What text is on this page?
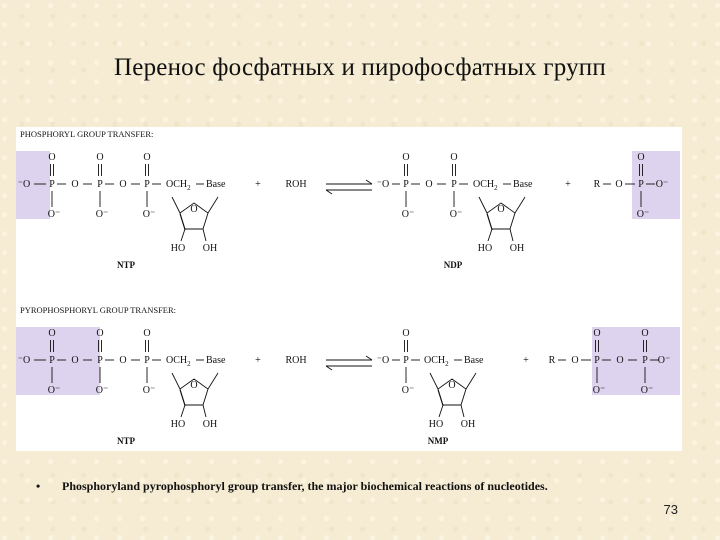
Перенос фосфатных и пирофосфатных групп
PHOSPHORYL GROUP TRANSFER:
⁻O P
O
O⁻
O P
O
O⁻
O P
O
O⁻
$OCH_2$ Base
O
HO OH
+ ROH
NTP
⁻O P
O
O⁻
O P
O
O⁻
$OCH_2$ Base
O
HO OH
NDP
+ R O P
O
O⁻
O⁻
PYROPHOSPHORYL GROUP TRANSFER:
⁻O P
O
O⁻
O P
O
O⁻
O P
O
O⁻
$OCH_2$ Base
O
HO OH
+ ROH
NTP
⁻O P
O
O⁻
$OCH_2$ Base
O
HO OH
NMP
+ R O P
O
O⁻
O P
O
O⁻
O⁻
• Phosphoryland pyrophosphoryl group transfer, the major biochemical reactions of nucleotides.
73
